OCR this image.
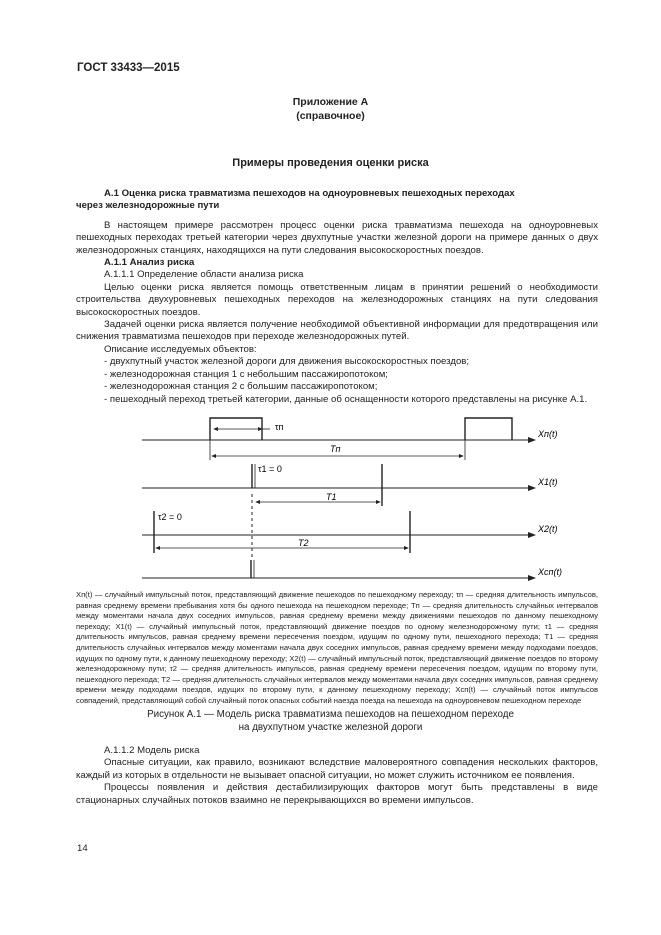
ГОСТ 33433—2015
Приложение А
(справочное)
Примеры проведения оценки риска

А.1 Оценка риска травматизма пешеходов на одноуровневых пешеходных переходах

через железнодорожные пути

В настоящем примере рассмотрен процесс оценки риска травматизма пешехода на одноуровневых пешеходных переходах третьей категории через двухпутные участки железной дороги на примере данных о двух железнодорожных станциях, находящихся на пути следования высокоскоростных поездов.

А.1.1 Анализ риска

А.1.1.1 Определение области анализа риска

Целью оценки риска является помощь ответственным лицам в принятии решений о необходимости строительства двухуровневых пешеходных переходов на железнодорожных станциях на пути следования высокоскоростных поездов.

Задачей оценки риска является получение необходимой объективной информации для предотвращения или снижения травматизма пешеходов при переходе железнодорожных путей.

Описание исследуемых объектов:

- двухпутный участок железной дороги для движения высокоскоростных поездов;
- железнодорожная станция 1 с небольшим пассажиропотоком;
- железнодорожная станция 2 с большим пассажиропотоком;
- пешеходный переход третьей категории, данные об оснащенности которого представлены на рисунке А.1.
τп
Tп
Xп(t)
τ1 = 0
T1
X1(t)
τ2 = 0
T2
X2(t)
Xсп(t)
Xп(t) — случайный импульсный поток, представляющий движение пешеходов по пешеходному переходу; τп — средняя длительность импульсов, равная среднему времени пребывания хотя бы одного пешехода на пешеходном переходе; Tп — средняя длительность случайных интервалов между моментами начала двух соседних импульсов, равная среднему времени между движениями пешеходов по данному пешеходному переходу; X1(t) — случайный импульсный поток, представляющий движение поездов по одному железнодорожному пути; τ1 — средняя длительность импульсов, равная среднему времени пересечения поездом, идущим по одному пути, пешеходного перехода; T1 — средняя длительность случайных интервалов между моментами начала двух соседних импульсов, равная среднему времени между подходами поездов, идущих по одному пути, к данному пешеходному переходу; X2(t) — случайный импульсный поток, представляющий движение поездов по второму железнодорожному пути; τ2 — средняя длительность импульсов, равная среднему времени пересечения поездом, идущим по второму пути, пешеходного перехода; T2 — средняя длительность случайных интервалов между моментами начала двух соседних импульсов, равная среднему времени между подходами поездов, идущих по второму пути, к данному пешеходному переходу; Xсп(t) — случайный поток импульсов совпадений, представляющий собой случайный поток опасных событий наезда поезда на пешехода на одноуровневом пешеходном переходе
Рисунок А.1 — Модель риска травматизма пешеходов на пешеходном переходе
на двухпутном участке железной дороги

А.1.1.2 Модель риска

Опасные ситуации, как правило, возникают вследствие маловероятного совпадения нескольких факторов, каждый из которых в отдельности не вызывает опасной ситуации, но может служить источником ее появления.

Процессы появления и действия дестабилизирующих факторов могут быть представлены в виде стационарных случайных потоков взаимно не перекрывающихся во времени импульсов.

14
